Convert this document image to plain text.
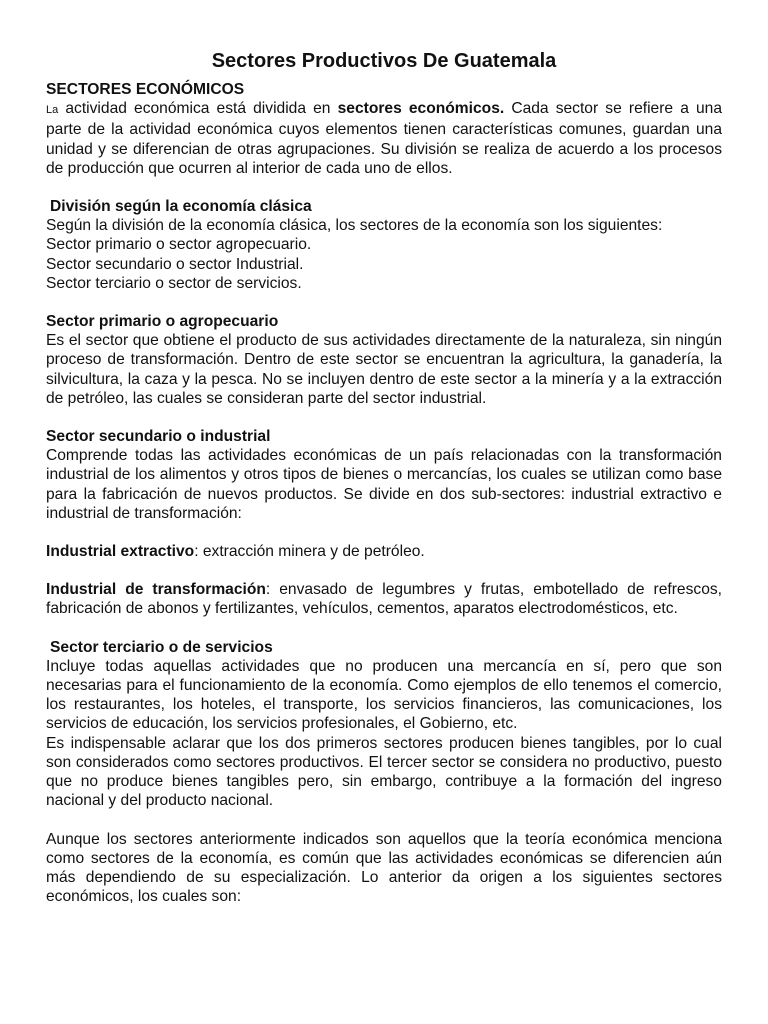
Sectores Productivos De Guatemala
SECTORES ECONÓMICOS

La actividad económica está dividida en sectores económicos. Cada sector se refiere a una parte de la actividad económica cuyos elementos tienen características comunes, guardan una unidad y se diferencian de otras agrupaciones. Su división se realiza de acuerdo a los procesos de producción que ocurren al interior de cada uno de ellos.

División según la economía clásica

Según la división de la economía clásica, los sectores de la economía son los siguientes:

Sector primario o sector agropecuario.

Sector secundario o sector Industrial.

Sector terciario o sector de servicios.

Sector primario o agropecuario

Es el sector que obtiene el producto de sus actividades directamente de la naturaleza, sin ningún proceso de transformación. Dentro de este sector se encuentran la agricultura, la ganadería, la silvicultura, la caza y la pesca. No se incluyen dentro de este sector a la minería y a la extracción de petróleo, las cuales se consideran parte del sector industrial.

Sector secundario o industrial

Comprende todas las actividades económicas de un país relacionadas con la transformación industrial de los alimentos y otros tipos de bienes o mercancías, los cuales se utilizan como base para la fabricación de nuevos productos. Se divide en dos sub-sectores: industrial extractivo e industrial de transformación:

Industrial extractivo: extracción minera y de petróleo.

Industrial de transformación: envasado de legumbres y frutas, embotellado de refrescos, fabricación de abonos y fertilizantes, vehículos, cementos, aparatos electrodomésticos, etc.

Sector terciario o de servicios

Incluye todas aquellas actividades que no producen una mercancía en sí, pero que son necesarias para el funcionamiento de la economía. Como ejemplos de ello tenemos el comercio, los restaurantes, los hoteles, el transporte, los servicios financieros, las comunicaciones, los servicios de educación, los servicios profesionales, el Gobierno, etc.

Es indispensable aclarar que los dos primeros sectores producen bienes tangibles, por lo cual son considerados como sectores productivos. El tercer sector se considera no productivo, puesto que no produce bienes tangibles pero, sin embargo, contribuye a la formación del ingreso nacional y del producto nacional.

Aunque los sectores anteriormente indicados son aquellos que la teoría económica menciona como sectores de la economía, es común que las actividades económicas se diferencien aún más dependiendo de su especialización. Lo anterior da origen a los siguientes sectores económicos, los cuales son:
